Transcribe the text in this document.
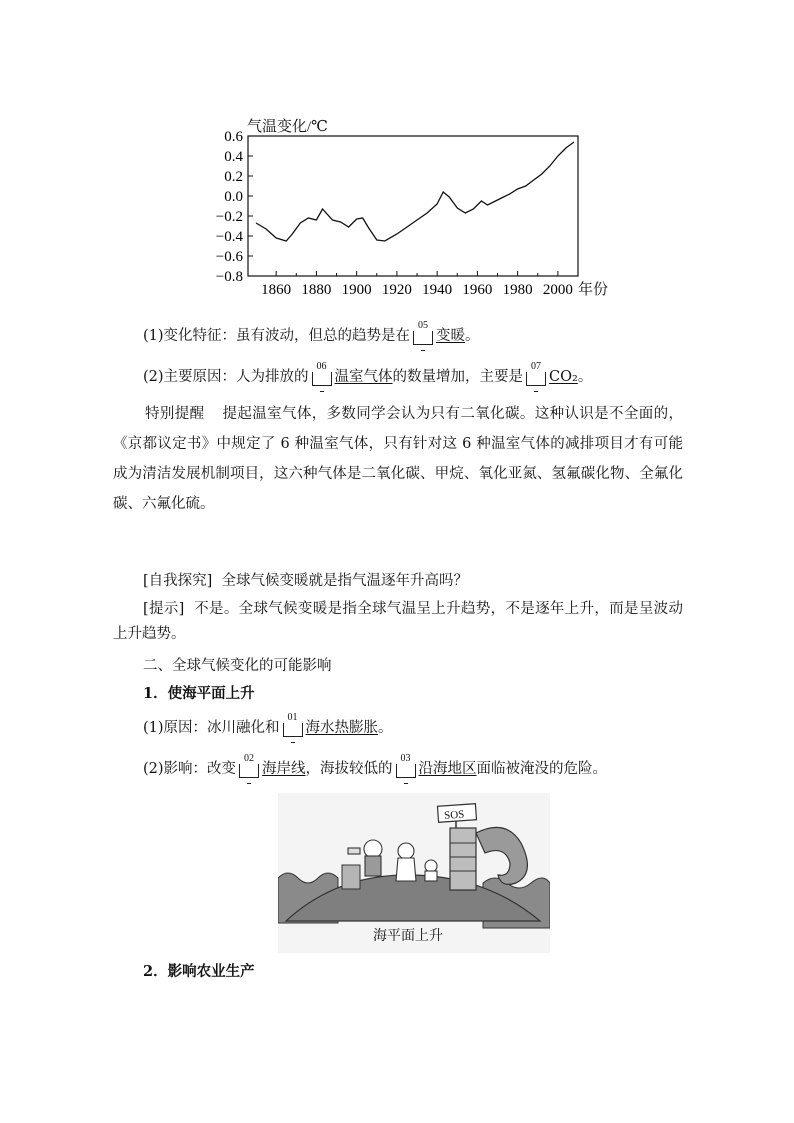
气温变化/℃
0.6
0.4
0.2
0.0
−0.2
−0.4
−0.6
−0.8
1860 1880 1900 1920 1940 1960 1980 2000 年份
(1)变化特征：虽有波动，但总的趋势是在
05
变暖。
(2)主要原因：人为排放的
06
温室气体的数量增加，主要是
07
CO₂。
特别提醒 提起温室气体，多数同学会认为只有二氧化碳。这种认识是不全面的，《京都议定书》中规定了 6 种温室气体，只有针对这 6 种温室气体的减排项目才有可能成为清洁发展机制项目，这六种气体是二氧化碳、甲烷、氧化亚氮、氢氟碳化物、全氟化碳、六氟化硫。
[自我探究] 全球气候变暖就是指气温逐年升高吗？
[提示] 不是。全球气候变暖是指全球气温呈上升趋势，不是逐年上升，而是呈波动上升趋势。
二、全球气候变化的可能影响
1．使海平面上升
(1)原因：冰川融化和
01
海水热膨胀。
(2)影响：改变
02
海岸线，海拔较低的
03
沿海地区面临被淹没的危险。
SOS
海平面上升
2．影响农业生产
